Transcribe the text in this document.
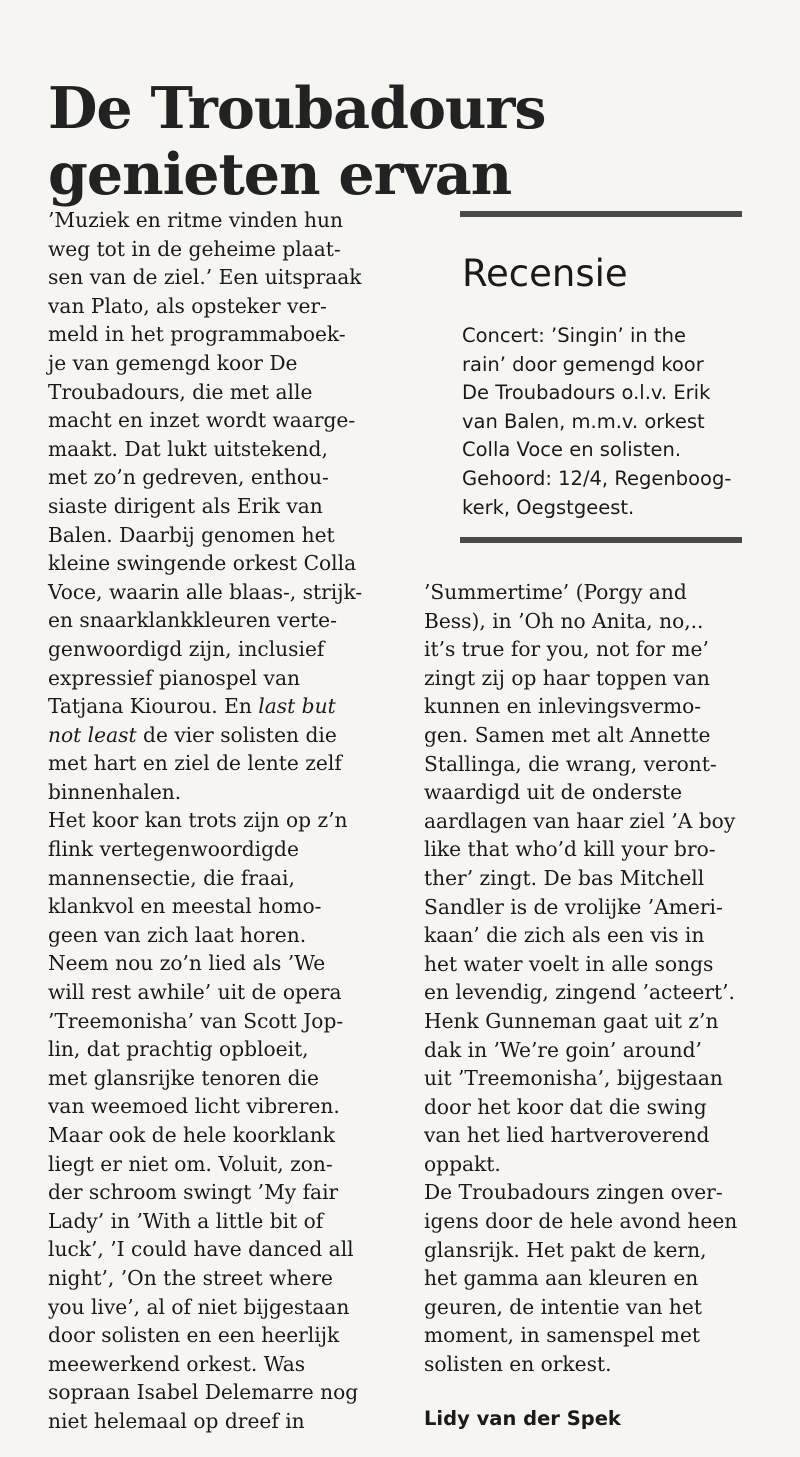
De Troubadours
genieten ervan
’Muziek en ritme vinden hun
weg tot in de geheime plaat-
sen van de ziel.’ Een uitspraak
van Plato, als opsteker ver-
meld in het programmaboek-
je van gemengd koor De
Troubadours, die met alle
macht en inzet wordt waarge-
maakt. Dat lukt uitstekend,
met zo’n gedreven, enthou-
siaste dirigent als Erik van
Balen. Daarbij genomen het
kleine swingende orkest Colla
Voce, waarin alle blaas-, strijk-
en snaarklankkleuren verte-
genwoordigd zijn, inclusief
expressief pianospel van
Tatjana Kiourou. En last but
not least de vier solisten die
met hart en ziel de lente zelf
binnenhalen.
Het koor kan trots zijn op z’n
flink vertegenwoordigde
mannensectie, die fraai,
klankvol en meestal homo-
geen van zich laat horen.
Neem nou zo’n lied als ’We
will rest awhile’ uit de opera
’Treemonisha’ van Scott Jop-
lin, dat prachtig opbloeit,
met glansrijke tenoren die
van weemoed licht vibreren.
Maar ook de hele koorklank
liegt er niet om. Voluit, zon-
der schroom swingt ’My fair
Lady’ in ’With a little bit of
luck’, ’I could have danced all
night’, ’On the street where
you live’, al of niet bijgestaan
door solisten en een heerlijk
meewerkend orkest. Was
sopraan Isabel Delemarre nog
niet helemaal op dreef in
Recensie
Concert: ’Singin’ in the
rain’ door gemengd koor
De Troubadours o.l.v. Erik
van Balen, m.m.v. orkest
Colla Voce en solisten.
Gehoord: 12/4, Regenboog-
kerk, Oegstgeest.
’Summertime’ (Porgy and
Bess), in ’Oh no Anita, no,..
it’s true for you, not for me’
zingt zij op haar toppen van
kunnen en inlevingsvermo-
gen. Samen met alt Annette
Stallinga, die wrang, veront-
waardigd uit de onderste
aardlagen van haar ziel ’A boy
like that who’d kill your bro-
ther’ zingt. De bas Mitchell
Sandler is de vrolijke ’Ameri-
kaan’ die zich als een vis in
het water voelt in alle songs
en levendig, zingend ’acteert’.
Henk Gunneman gaat uit z’n
dak in ’We’re goin’ around’
uit ’Treemonisha’, bijgestaan
door het koor dat die swing
van het lied hartveroverend
oppakt.
De Troubadours zingen over-
igens door de hele avond heen
glansrijk. Het pakt de kern,
het gamma aan kleuren en
geuren, de intentie van het
moment, in samenspel met
solisten en orkest.
Lidy van der Spek
